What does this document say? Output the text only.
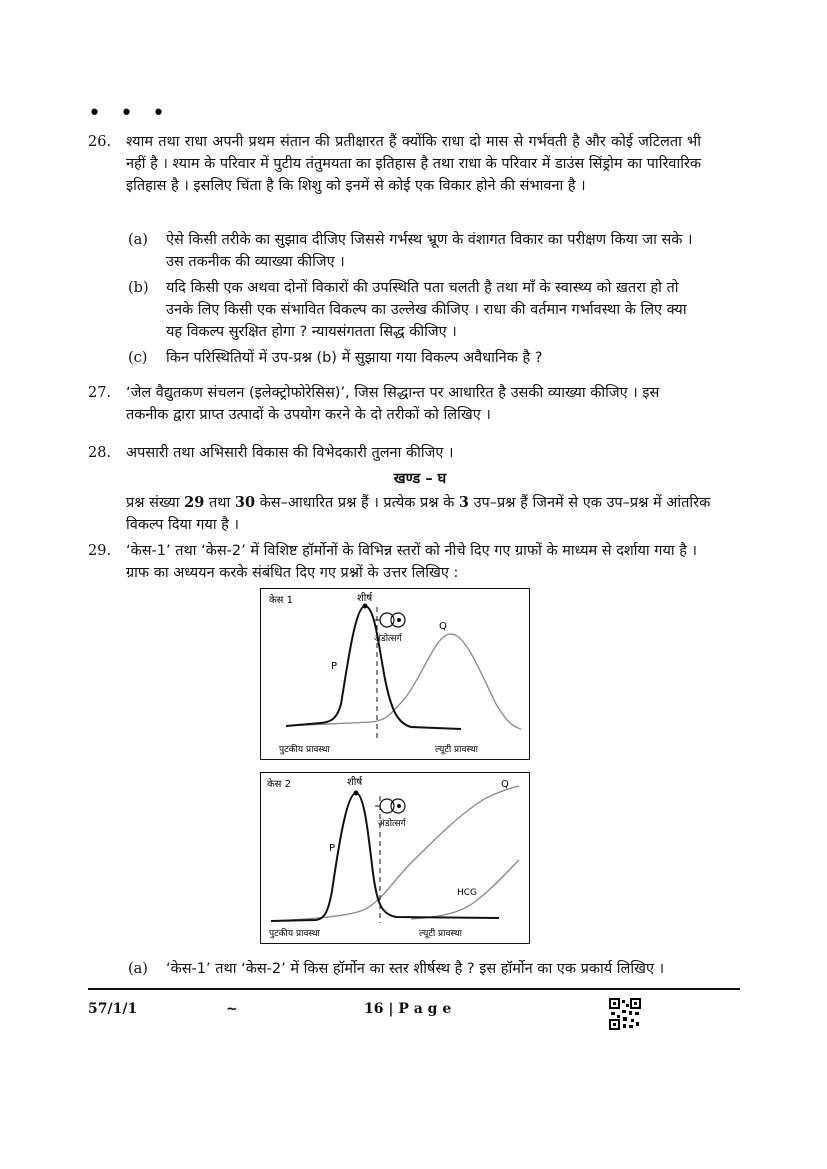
• • •
26. श्याम तथा राधा अपनी प्रथम संतान की प्रतीक्षारत हैं क्योंकि राधा दो मास से गर्भवती है और कोई जटिलता भी नहीं है । श्याम के परिवार में पुटीय तंतुमयता का इतिहास है तथा राधा के परिवार में डाउंस सिंड्रोम का पारिवारिक इतिहास है । इसलिए चिंता है कि शिशु को इनमें से कोई एक विकार होने की संभावना है ।
(a) ऐसे किसी तरीके का सुझाव दीजिए जिससे गर्भस्थ भ्रूण के वंशागत विकार का परीक्षण किया जा सके । उस तकनीक की व्याख्या कीजिए ।
(b) यदि किसी एक अथवा दोनों विकारों की उपस्थिति पता चलती है तथा माँ के स्वास्थ्य को ख़तरा हो तो उनके लिए किसी एक संभावित विकल्प का उल्लेख कीजिए । राधा की वर्तमान गर्भावस्था के लिए क्या यह विकल्प सुरक्षित होगा ? न्यायसंगतता सिद्ध कीजिए ।
(c) किन परिस्थितियों में उप-प्रश्न (b) में सुझाया गया विकल्प अवैधानिक है ?
27. ‘जेल वैद्युतकण संचलन (इलेक्ट्रोफोरेसिस)’, जिस सिद्धान्त पर आधारित है उसकी व्याख्या कीजिए । इस तकनीक द्वारा प्राप्त उत्पादों के उपयोग करने के दो तरीकों को लिखिए ।
28. अपसारी तथा अभिसारी विकास की विभेदकारी तुलना कीजिए ।
खण्ड – घ
प्रश्न संख्या 29 तथा 30 केस–आधारित प्रश्न हैं । प्रत्येक प्रश्न के 3 उप–प्रश्न हैं जिनमें से एक उप–प्रश्न में आंतरिक विकल्प दिया गया है ।
29. ‘केस-1’ तथा ‘केस-2’ में विशिष्ट हॉर्मोनों के विभिन्न स्तरों को नीचे दिए गए ग्राफों के माध्यम से दर्शाया गया है । ग्राफ का अध्ययन करके संबंधित दिए गए प्रश्नों के उत्तर लिखिए :
केस 1	शीर्ष
अंडोत्सर्ग
Q
P
पुटकीय प्रावस्था	ल्यूटी प्रावस्था
केस 2	शीर्ष
अंडोत्सर्ग
Q
P
HCG
पुटकीय प्रावस्था	ल्यूटी प्रावस्था
(a) ‘केस-1’ तथा ‘केस-2’ में किस हॉर्मोन का स्तर शीर्षस्थ है ? इस हॉर्मोन का एक प्रकार्य लिखिए ।
57/1/1	~	16 | P a g e
